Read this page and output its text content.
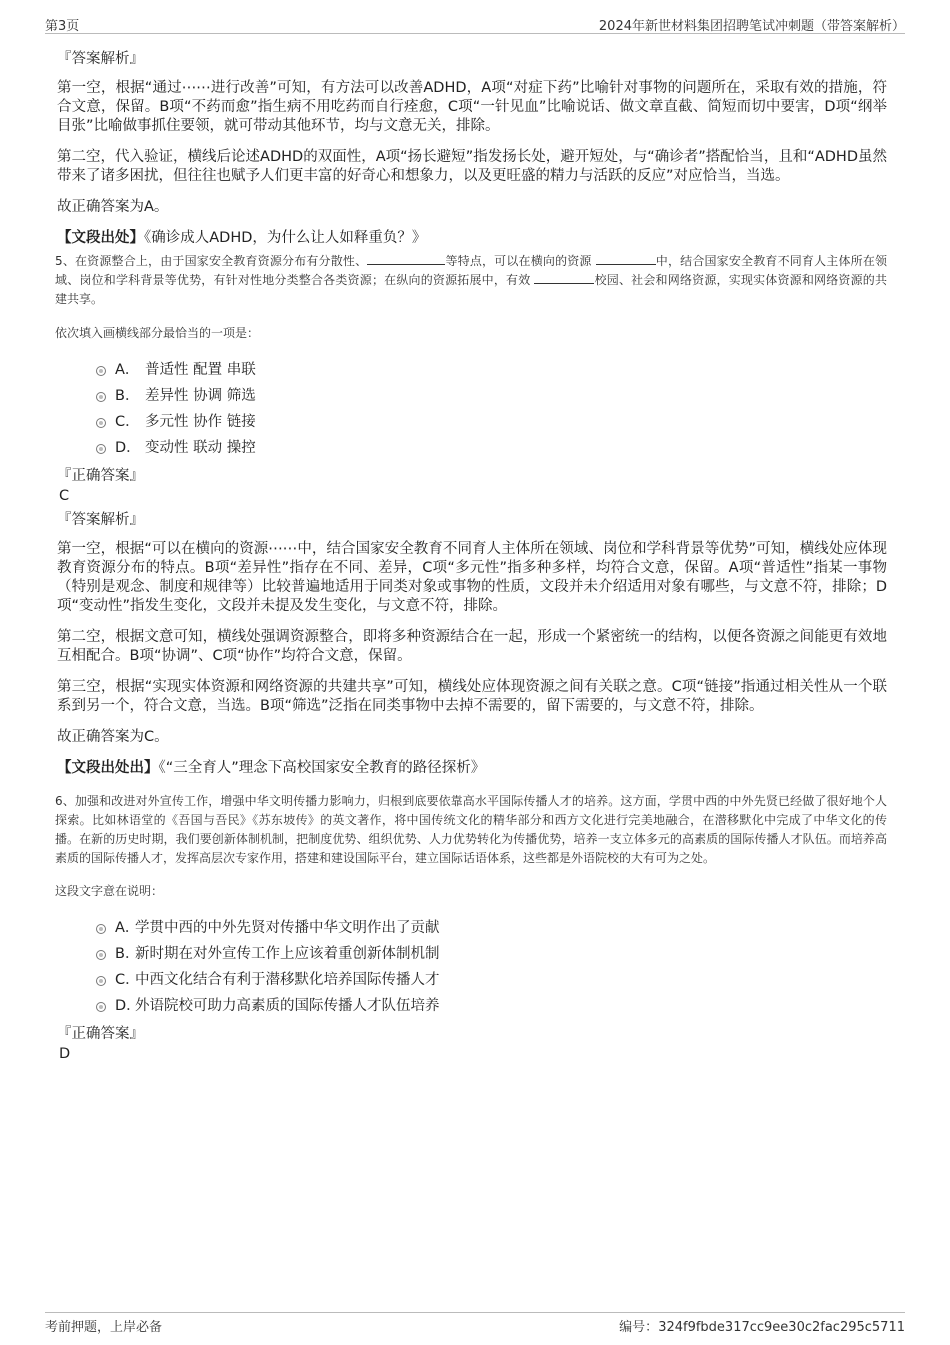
第3页	2024年新世材料集团招聘笔试冲刺题（带答案解析）

『答案解析』

第一空，根据“通过⋯⋯进行改善”可知，有方法可以改善ADHD，A项“对症下药”比喻针对事物的问题所在，采取有效的措施，符合文意，保留。B项“不药而愈”指生病不用吃药而自行痊愈，C项“一针见血”比喻说话、做文章直截、简短而切中要害，D项“纲举目张”比喻做事抓住要领，就可带动其他环节，均与文意无关，排除。

第二空，代入验证，横线后论述ADHD的双面性，A项“扬长避短”指发扬长处，避开短处，与“确诊者”搭配恰当，且和“ADHD虽然带来了诸多困扰，但往往也赋予人们更丰富的好奇心和想象力，以及更旺盛的精力与活跃的反应”对应恰当，当选。

故正确答案为A。

【文段出处】《确诊成人ADHD，为什么让人如释重负？》

5、在资源整合上，由于国家安全教育资源分布有分散性、	等特点，可以在横向的资源	中，结合国家安全教育不同育人主体所在领域、岗位和学科背景等优势，有针对性地分类整合各类资源；在纵向的资源拓展中，有效	校园、社会和网络资源，实现实体资源和网络资源的共建共享。

依次填入画横线部分最恰当的一项是：

A． 普适性 配置 串联
B． 差异性 协调 筛选
C． 多元性 协作 链接
D． 变动性 联动 操控

『正确答案』

C

『答案解析』

第一空，根据“可以在横向的资源⋯⋯中，结合国家安全教育不同育人主体所在领域、岗位和学科背景等优势”可知，横线处应体现教育资源分布的特点。B项“差异性”指存在不同、差异，C项“多元性”指多种多样，均符合文意，保留。A项“普适性”指某一事物（特别是观念、制度和规律等）比较普遍地适用于同类对象或事物的性质，文段并未介绍适用对象有哪些，与文意不符，排除；D项“变动性”指发生变化，文段并未提及发生变化，与文意不符，排除。

第二空，根据文意可知，横线处强调资源整合，即将多种资源结合在一起，形成一个紧密统一的结构，以便各资源之间能更有效地互相配合。B项“协调”、C项“协作”均符合文意，保留。

第三空，根据“实现实体资源和网络资源的共建共享”可知，横线处应体现资源之间有关联之意。C项“链接”指通过相关性从一个联系到另一个，符合文意，当选。B项“筛选”泛指在同类事物中去掉不需要的，留下需要的，与文意不符，排除。

故正确答案为C。

【文段出处出】《“三全育人”理念下高校国家安全教育的路径探析》

6、加强和改进对外宣传工作，增强中华文明传播力影响力，归根到底要依靠高水平国际传播人才的培养。这方面，学贯中西的中外先贤已经做了很好地个人探索。比如林语堂的《吾国与吾民》《苏东坡传》的英文著作，将中国传统文化的精华部分和西方文化进行完美地融合，在潜移默化中完成了中华文化的传播。在新的历史时期，我们要创新体制机制，把制度优势、组织优势、人力优势转化为传播优势，培养一支立体多元的高素质的国际传播人才队伍。而培养高素质的国际传播人才，发挥高层次专家作用，搭建和建设国际平台，建立国际话语体系，这些都是外语院校的大有可为之处。

这段文字意在说明：

A．学贯中西的中外先贤对传播中华文明作出了贡献
B．新时期在对外宣传工作上应该着重创新体制机制
C．中西文化结合有利于潜移默化培养国际传播人才
D．外语院校可助力高素质的国际传播人才队伍培养

『正确答案』

D

考前押题，上岸必备	编号：324f9fbde317cc9ee30c2fac295c5711
